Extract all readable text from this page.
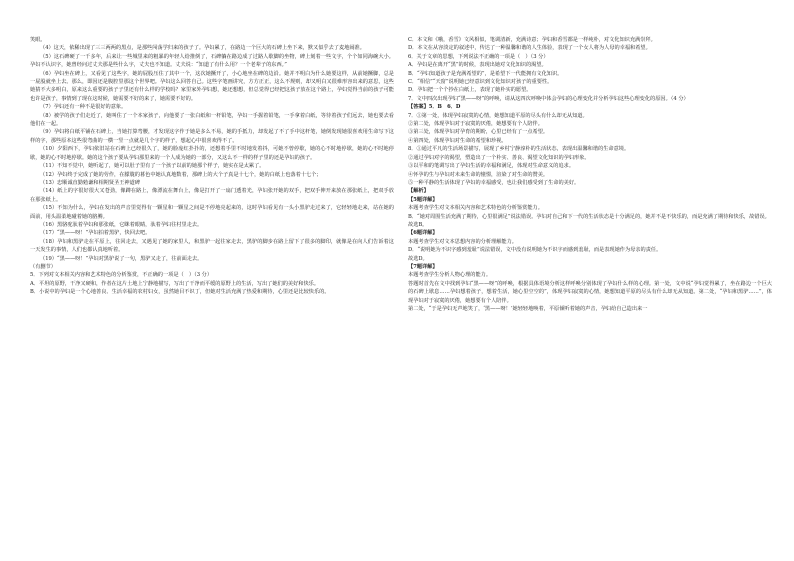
笑眼。

（4）这天，依稀出现了三三两两的黑点，是那些闯荡学归来的孩子了。孕妇累了，在路边一个巨大的石碑上坐下来，默又似乎去了麦地闹准。

（5）这石碑硬了一千多年，后来让一些城里来的粗暴的年轻人给推倒了，石碑躺在路边成了过路人歇脚的坐物，碑上刻着一些文字，个个如同海碗大小。孕妇不认识字，她曾经问过丈夫那是些什么字，丈夫也不知道。丈夫说：“知道了有什么用？一个老辈子的东西。”

（6）孕妇坐在碑上，又看见了这些字，她的屁股压住了其中一个，这次她撅开了，小心地坐在碑的边沿。她并不明白为什么她要这样，从前她撅脚，总是一屁股就坐上去。那么，即因还是腹腔里那这个世界吧。孕妇这么回答自己。这些字笔画讲究，方方正正，这么不规则，却又明白又很难形容出来的意思，这些她猜不大多明白，原来这么重要的孩子子里还有什么样的学校吗？家里家外孕妇想，她还想想，但总觉得已经把这孩子放在这个路上，孕妇觉得当前的孩子可能也许是孩子，事情到了现在这时候，她需要不好的来了，她需要不好的。

（7）孕妇还有一种不是很好的意象。

（8）被学的孩子们走近了，她叫住了一个本家孩子，向他要了一张白纸和一杆铅笔，孕妇一手握着铅笔，一手拿着白纸，等待着孩子们远去，她也要去看他们在一起。

（9）孕妇将白纸平铺在石碑上，当她打算弯腰，才发现这字作于她是多么不易，她的手抵力，却发起了不了手中这杆笔，她倒发现她很喜欢用生命写下这样的字，那些原本这些很弯曲的一横一竖一点就是几个字的样子，想起心中很喜欢得不了。

（10）夕阳西下，孕妇依旧站在石碑上已经很久了，她的脸庞红扑扑的，还想着手里不时地发着抖，可她不曾停歇，她的心不时地停歇，她的心不时地停歇，她的心不时地停歇。她的这个孩子要从孕妇那里来的一个人成为她的一部分，又这么不一样的样子里的还是孕妇的孩子。

（11）不知不觉中，她听起了，她可以肚子里有了一个孩子以前的她那个样子，她实在是太累了。

（12）孕妇终于完成了她的劳作，在朦胧的暮色中她认真地数着，那碑上的大个子真是十七个，她的白纸上也落着十七个；

（13）忠顺诚直勤勉谦和相期贤圣王神道碑

（14）纸上的字很好很大又苍劲，像蹲在路上，像漂流在舞台上，像是打开了一扇门透着光，孕妇张开她的双手，把双手伸开来放在那张纸上，把双手放在那张纸上。

（15）不知为什么，孕妇在发出的声音里觉得有一颗星和一颗星之间是不停地亮起来的，这时孕妇看见有一头小黑驴走过来了，它轻轻地走来，站在她的面前，用头温柔地碰着她的胳膊。

（16）黑骆驼驮着孕妇和那张纸，它眯着眼睛，驮着孕妇往村里走去。

（17）“黑——呀！”孕妇拍着黑驴，快回去吧。

（18）孕妇和黑驴走在平原上，往回走去，又遇见了她的家里人，和黑驴一起往家走去，黑驴的脚步在路上留下了很多的脚印，就像是在向人们告诉着这一天发生的事情，人们也都认真地听着。

（19）“黑——呀！”孕妇对黑驴说了一句，黑驴又走了，往前面走去。

（有删节）

5．下列对文本相关内容和艺术特色的分析鉴赏，不正确的一项是（　）（3 分）

A．平坦的原野，干净又硬和，作者在这片土地上宁静地描写，写出了干净而平缓的原野上的生活，写出了她们的美好和快乐。

B．小说中的孕妇是一个心地善良、生活幸福的农村妇女，虽然她目不识丁，但她对生活充满了热爱和期待，心里还是比较快乐的。

C．本文和《哦，香雪》文风相似，笔调清新，充满诗意；孕妇和香雪都是一样纯朴，对文化知识充满崇拜。

D．本文在从容淡定的叙述中，传达了一种温馨和谐的人生体验，表现了一个女人将为人母的幸福和希望。

6．关于文章的思想，下列说法不正确的一项是（　）（3 分）

A．孕妇是在离开“黑”的时候，表现出她对文化知识的渴望。

B．“孕妇知道孩子是充满希望的”，是希望下一代能拥有文化知识。

C．“相信”“天窗”说明她已经意识到文化知识对孩子的重要性。

D．孕妇把一个个抄在白纸上，表现了她朴实的愿望。

7．文中四次出现孕妇“黑——呀”的呼唤，请从这四次呼唤中体会孕妇的心理变化并分析孕妇这些心理变化的原因。（4 分）

【答案】5．B　6．D

7．①第一处，体现孕妇寂寞的心情，她想知道平原的尽头有什么却无从知道。

②第二处，体现孕妇对于寂寞的厌倦，她想要有个人陪伴。

③第三处，体现孕妇对孕育的期盼，心里已经有了一点希望。

④第四处，体现孕妇对生命的希望和珍视。

8．①通过平凡的生活场景描写，展现了乡村宁静淳朴的生活状态，表现出温馨和谐的生命意境。

②通过孕妇对字的渴望，塑造出了一个朴实、善良、渴望文化知识的孕妇形象。

③以平和的笔调写出了孕妇生活的幸福和满足，体现对生命意义的追求。

④怀孕的生与孕妇对未来生命的憧憬，渲染了对生命的赞美。

⑤一种平静的生活体现了孕妇的幸福感受，也让我们感受到了生命的美好。

【解析】

【5题详解】

本题考查学生对文本相关内容和艺术特色的分析鉴赏能力。

B．“她对周围生活充满了期待，心里很满足”说法错误。孕妇对自己和下一代的生活状态是十分满足的，她并不是不快乐的，而是充满了期待和快乐，故错误。

故选B。

【6题详解】

本题考查学生对文本思想内容的分析理解能力。

D．“说明她为不识字感到羞耻”说法错误，文中没有说明她为不识字而感到羞耻，而是表现她作为母亲的责任。

故选D。

【7题详解】

本题考查学生分析人物心理的能力。

答题时首先在文中找到孕妇“黑——呀”的呼唤，根据具体语境分析这样呼唤分别体现了孕妇什么样的心理。第一处，文中说“孕妇觉得累了，坐在路边一个巨大的石碑上歇息……孕妇想着孩子，想着生活，她心里空空的”，体现孕妇寂寞的心情，她想知道平原的尽头有什么却无从知道。第二处，“孕妇和黑驴……”，体现孕妇对于寂寞的厌倦，她想要有个人陪伴。

第二处，“于是孕妇无声地笑了，‘黑——呀！’她轻轻地唤着，平原倾听着她的声音，孕妇给自己造出来一
